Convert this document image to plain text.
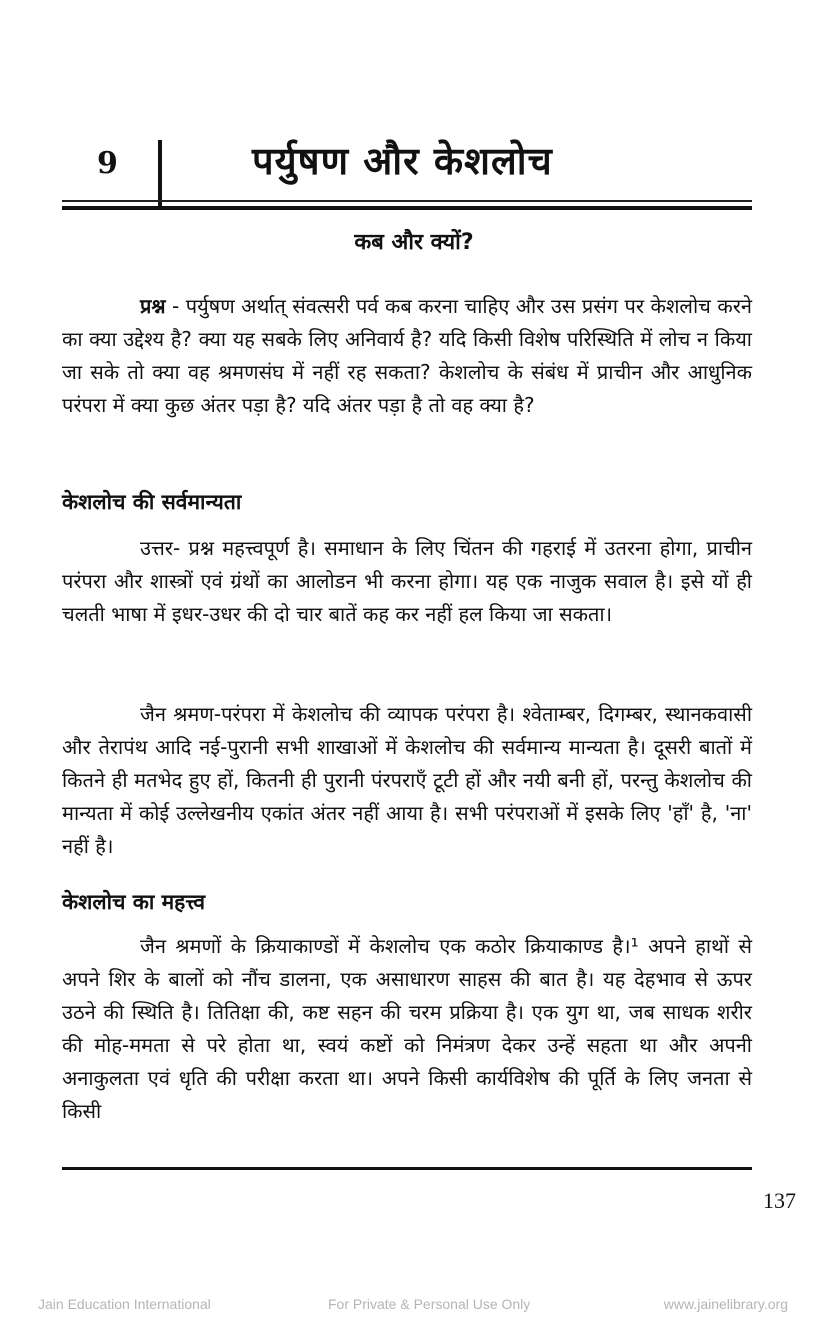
9	पर्युषण और केशलोच
कब और क्यों?

प्रश्न - पर्युषण अर्थात् संवत्सरी पर्व कब करना चाहिए और उस प्रसंग पर केशलोच करने का क्या उद्देश्य है? क्या यह सबके लिए अनिवार्य है? यदि किसी विशेष परिस्थिति में लोच न किया जा सके तो क्या वह श्रमणसंघ में नहीं रह सकता? केशलोच के संबंध में प्राचीन और आधुनिक परंपरा में क्या कुछ अंतर पड़ा है? यदि अंतर पड़ा है तो वह क्या है?

केशलोच की सर्वमान्यता

उत्तर- प्रश्न महत्त्वपूर्ण है। समाधान के लिए चिंतन की गहराई में उतरना होगा, प्राचीन परंपरा और शास्त्रों एवं ग्रंथों का आलोडन भी करना होगा। यह एक नाजुक सवाल है। इसे यों ही चलती भाषा में इधर-उधर की दो चार बातें कह कर नहीं हल किया जा सकता।

जैन श्रमण-परंपरा में केशलोच की व्यापक परंपरा है। श्वेताम्बर, दिगम्बर, स्थानकवासी और तेरापंथ आदि नई-पुरानी सभी शाखाओं में केशलोच की सर्वमान्य मान्यता है। दूसरी बातों में कितने ही मतभेद हुए हों, कितनी ही पुरानी पंरपराएँ टूटी हों और नयी बनी हों, परन्तु केशलोच की मान्यता में कोई उल्लेखनीय एकांत अंतर नहीं आया है। सभी परंपराओं में इसके लिए 'हाँ' है, 'ना' नहीं है।

केशलोच का महत्त्व

जैन श्रमणों के क्रियाकाण्डों में केशलोच एक कठोर क्रियाकाण्ड है।¹ अपने हाथों से अपने शिर के बालों को नौंच डालना, एक असाधारण साहस की बात है। यह देहभाव से ऊपर उठने की स्थिति है। तितिक्षा की, कष्ट सहन की चरम प्रक्रिया है। एक युग था, जब साधक शरीर की मोह-ममता से परे होता था, स्वयं कष्टों को निमंत्रण देकर उन्हें सहता था और अपनी अनाकुलता एवं धृति की परीक्षा करता था। अपने किसी कार्यविशेष की पूर्ति के लिए जनता से किसी

137
Jain Education International	For Private & Personal Use Only	www.jainelibrary.org
